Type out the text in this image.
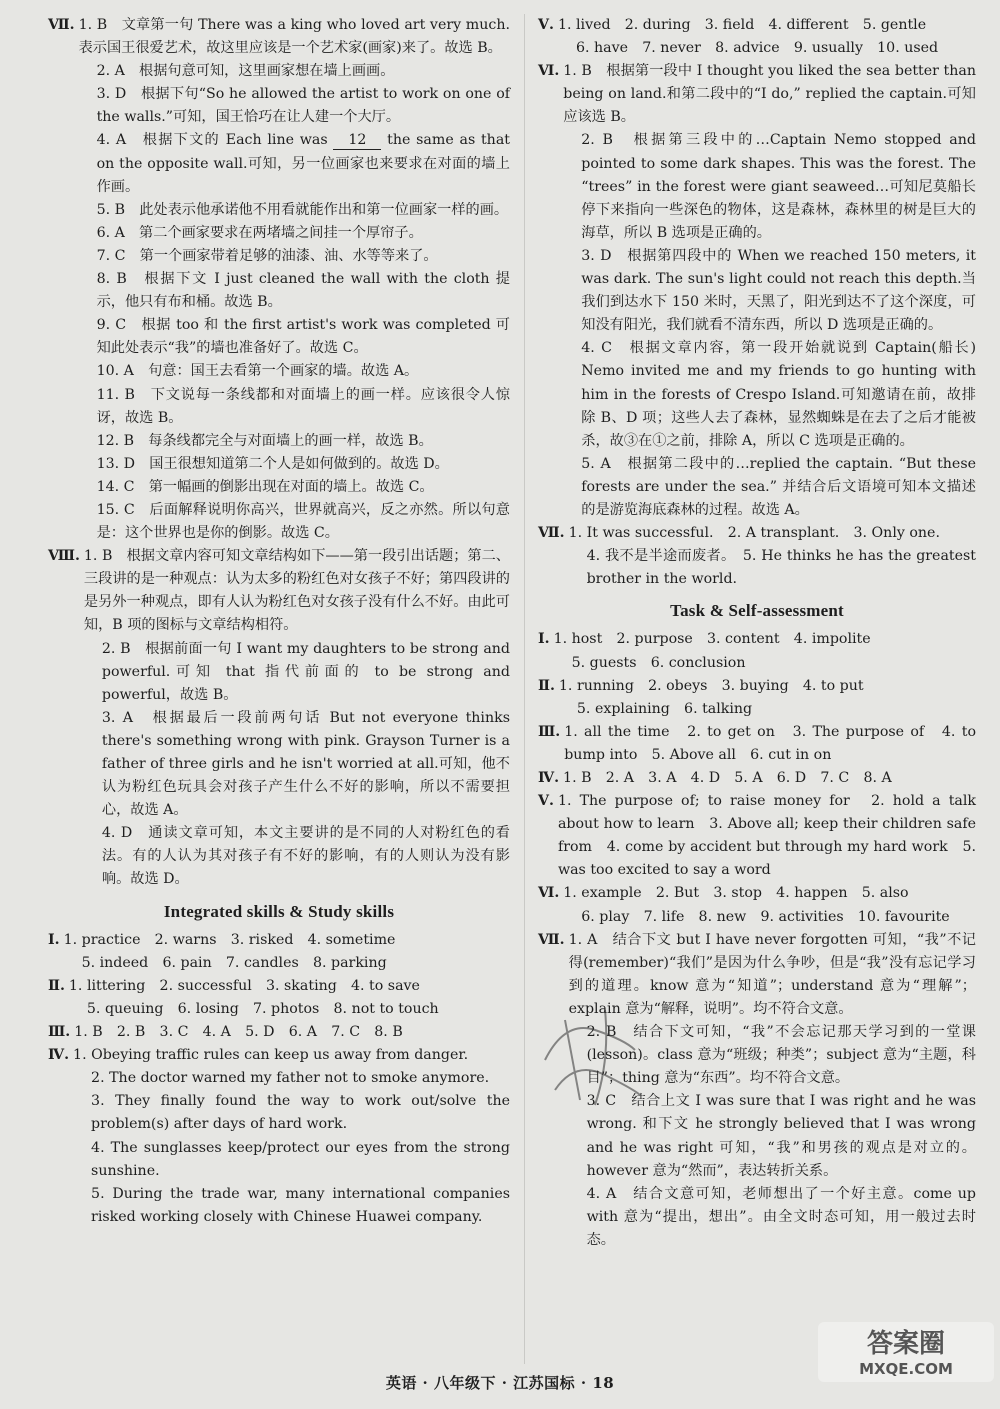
Ⅶ. 1. B　文章第一句 There was a king who loved art very much.表示国王很爱艺术，故这里应该是一个艺术家(画家)来了。故选 B。
2. A　根据句意可知，这里画家想在墙上画画。
3. D　根据下句“So he allowed the artist to work on one of the walls.”可知，国王恰巧在让人建一个大厅。
4. A　根据下文的 Each line was 12 the same as that on the opposite wall.可知，另一位画家也来要求在对面的墙上作画。
5. B　此处表示他承诺他不用看就能作出和第一位画家一样的画。
6. A　第二个画家要求在两堵墙之间挂一个厚帘子。
7. C　第一个画家带着足够的油漆、油、水等等来了。
8. B　根据下文 I just cleaned the wall with the cloth 提示，他只有布和桶。故选 B。
9. C　根据 too 和 the first artist's work was completed 可知此处表示“我”的墙也准备好了。故选 C。
10. A　句意：国王去看第一个画家的墙。故选 A。
11. B　下文说每一条线都和对面墙上的画一样。应该很令人惊讶，故选 B。
12. B　每条线都完全与对面墙上的画一样，故选 B。
13. D　国王很想知道第二个人是如何做到的。故选 D。
14. C　第一幅画的倒影出现在对面的墙上。故选 C。
15. C　后面解释说明你高兴，世界就高兴，反之亦然。所以句意是：这个世界也是你的倒影。故选 C。
Ⅷ. 1. B　根据文章内容可知文章结构如下——第一段引出话题；第二、三段讲的是一种观点：认为太多的粉红色对女孩子不好；第四段讲的是另外一种观点，即有人认为粉红色对女孩子没有什么不好。由此可知，B 项的图标与文章结构相符。
2. B　根据前面一句 I want my daughters to be strong and powerful.可知 that 指代前面的 to be strong and powerful，故选 B。
3. A　根据最后一段前两句话 But not everyone thinks there's something wrong with pink. Grayson Turner is a father of three girls and he isn't worried at all.可知，他不认为粉红色玩具会对孩子产生什么不好的影响，所以不需要担心，故选 A。
4. D　通读文章可知，本文主要讲的是不同的人对粉红色的看法。有的人认为其对孩子有不好的影响，有的人则认为没有影响。故选 D。
Integrated skills & Study skills
Ⅰ. 1. practice　2. warns　3. risked　4. sometime
5. indeed　6. pain　7. candles　8. parking
Ⅱ. 1. littering　2. successful　3. skating　4. to save
5. queuing　6. losing　7. photos　8. not to touch
Ⅲ. 1. B　2. B　3. C　4. A　5. D　6. A　7. C　8. B
Ⅳ. 1. Obeying traffic rules can keep us away from danger.
2. The doctor warned my father not to smoke anymore.
3. They finally found the way to work out/solve the problem(s) after days of hard work.
4. The sunglasses keep/protect our eyes from the strong sunshine.
5. During the trade war, many international companies risked working closely with Chinese Huawei company.
Ⅴ. 1. lived　2. during　3. field　4. different　5. gentle
6. have　7. never　8. advice　9. usually　10. used
Ⅵ. 1. B　根据第一段中 I thought you liked the sea better than being on land.和第二段中的“I do,” replied the captain.可知应该选 B。
2. B　根据第三段中的…Captain Nemo stopped and pointed to some dark shapes. This was the forest. The “trees” in the forest were giant seaweed…可知尼莫船长停下来指向一些深色的物体，这是森林，森林里的树是巨大的海草，所以 B 选项是正确的。
3. D　根据第四段中的 When we reached 150 meters, it was dark. The sun's light could not reach this depth.当我们到达水下 150 米时，天黑了，阳光到达不了这个深度，可知没有阳光，我们就看不清东西，所以 D 选项是正确的。
4. C　根据文章内容，第一段开始就说到 Captain(船长) Nemo invited me and my friends to go hunting with him in the forests of Crespo Island.可知邀请在前，故排除 B、D 项；这些人去了森林，显然蜘蛛是在去了之后才能被杀，故③在①之前，排除 A，所以 C 选项是正确的。
5. A　根据第二段中的…replied the captain. “But these forests are under the sea.” 并结合后文语境可知本文描述的是游览海底森林的过程。故选 A。
Ⅶ. 1. It was successful.　2. A transplant.　3. Only one.
4. 我不是半途而废者。　5. He thinks he has the greatest brother in the world.
Task & Self-assessment
Ⅰ. 1. host　2. purpose　3. content　4. impolite
5. guests　6. conclusion
Ⅱ. 1. running　2. obeys　3. buying　4. to put
5. explaining　6. talking
Ⅲ. 1. all the time　2. to get on　3. The purpose of　4. to bump into　5. Above all　6. cut in on
Ⅳ. 1. B　2. A　3. A　4. D　5. A　6. D　7. C　8. A
Ⅴ. 1. The purpose of; to raise money for　2. hold a talk about how to learn　3. Above all; keep their children safe from　4. come by accident but through my hard work　5. was too excited to say a word
Ⅵ. 1. example　2. But　3. stop　4. happen　5. also
6. play　7. life　8. new　9. activities　10. favourite
Ⅶ. 1. A　结合下文 but I have never forgotten 可知，“我”不记得(remember)“我们”是因为什么争吵，但是“我”没有忘记学习到的道理。know 意为“知道”；understand 意为“理解”；explain 意为“解释，说明”。均不符合文意。
2. B　结合下文可知，“我”不会忘记那天学习到的一堂课(lesson)。class 意为“班级；种类”；subject 意为“主题，科目”；thing 意为“东西”。均不符合文意。
3. C　结合上文 I was sure that I was right and he was wrong. 和下文 he strongly believed that I was wrong and he was right 可知，“我”和男孩的观点是对立的。however 意为“然而”，表达转折关系。
4. A　结合文意可知，老师想出了一个好主意。come up with 意为“提出，想出”。由全文时态可知，用一般过去时态。
答案圈
MXQE.COM
英语 · 八年级下 · 江苏国标 · 18
